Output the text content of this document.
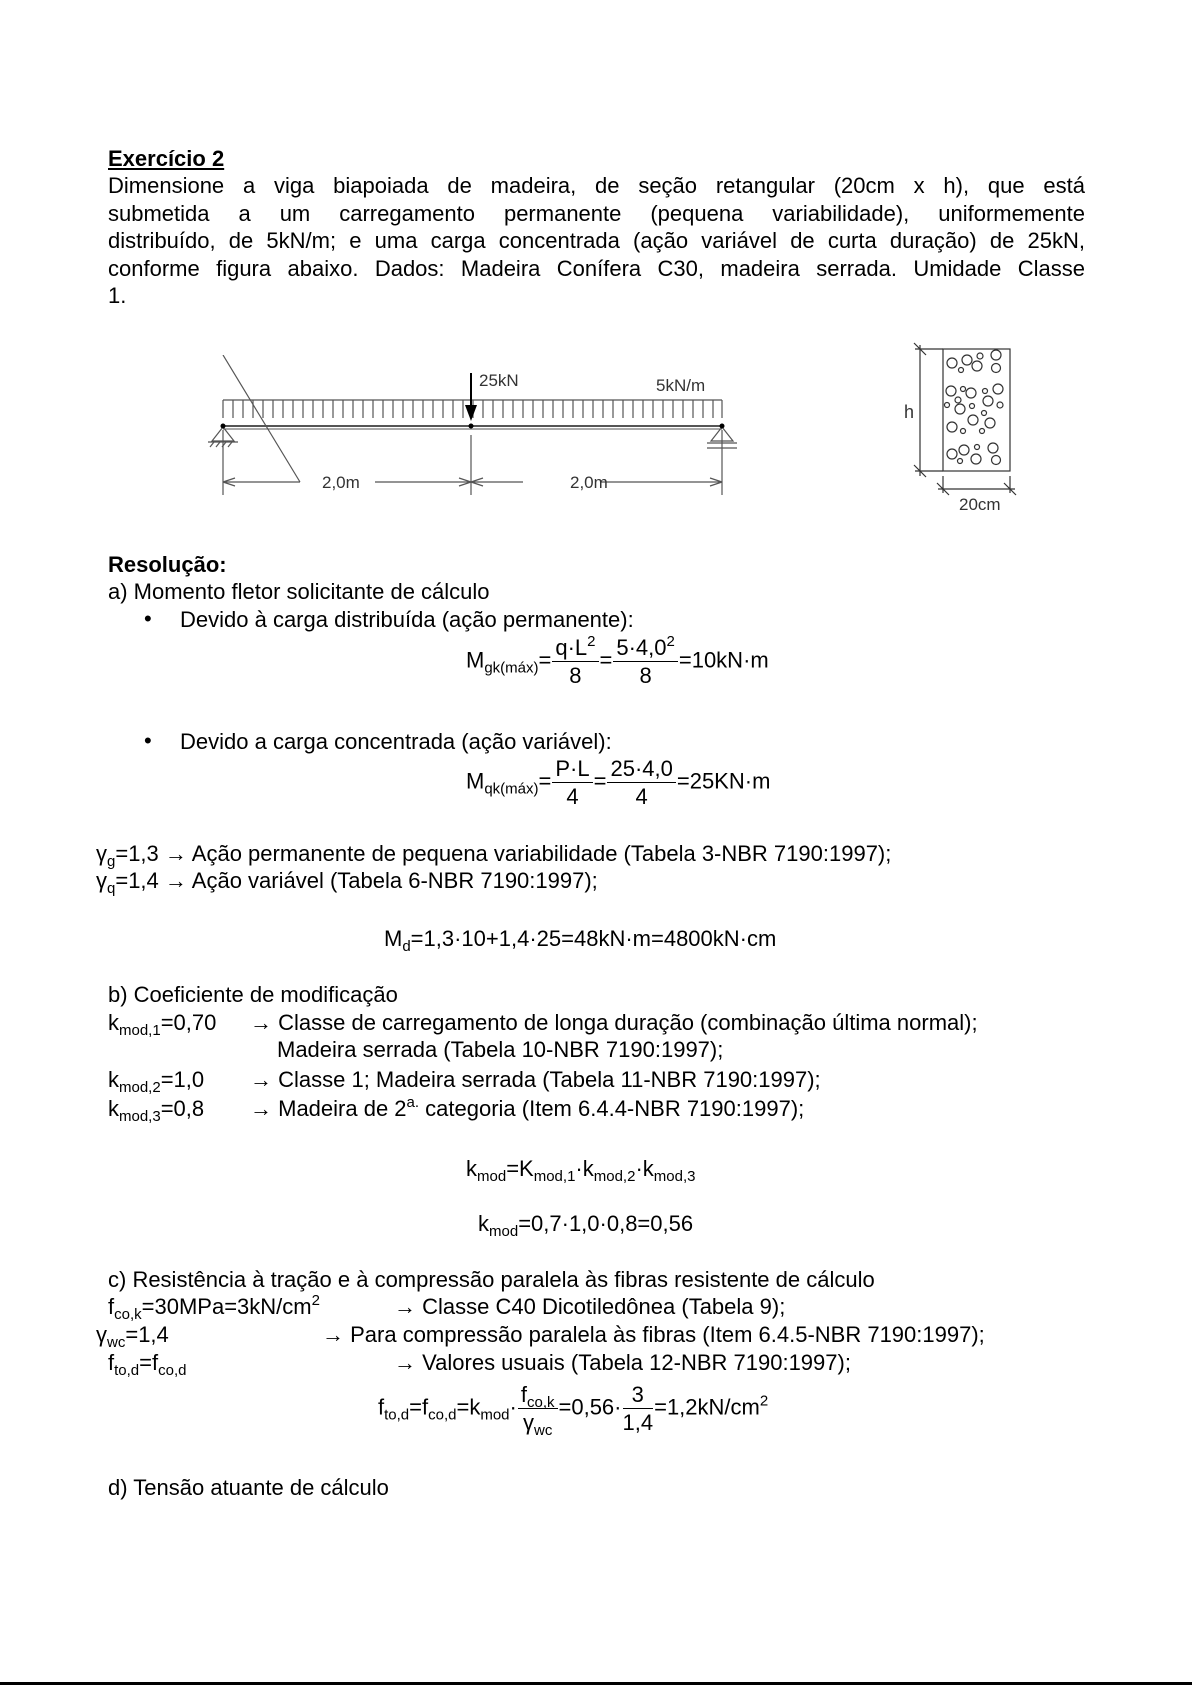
Exercício 2
Dimensione a viga biapoiada de madeira, de seção retangular (20cm x h), que está
submetida a um carregamento permanente (pequena variabilidade), uniformemente
distribuído, de 5kN/m; e uma carga concentrada (ação variável de curta duração) de 25kN,
conforme figura abaixo. Dados: Madeira Conífera C30, madeira serrada. Umidade Classe
1.
25kN	5kN/m
2,0m	2,0m
h
20cm
Resolução:
a) Momento fletor solicitante de cálculo
• Devido à carga distribuída (ação permanente):
$M_{gk(máx)}= \frac{q\cdot L^2}{8} = \frac{5\cdot 4,0^2}{8} =10kN\cdot m$
• Devido a carga concentrada (ação variável):
$M_{qk(máx)}= \frac{P\cdot L}{4} = \frac{25\cdot 4,0}{4} =25KN\cdot m$
$\gamma_g=1,3$ → Ação permanente de pequena variabilidade (Tabela 3-NBR 7190:1997);
$\gamma_q=1,4$ → Ação variável (Tabela 6-NBR 7190:1997);
$M_d=1,3\cdot 10+1,4\cdot 25=48kN\cdot m=4800kN\cdot cm$
b) Coeficiente de modificação
$k_{mod,1}=0,70$ → Classe de carregamento de longa duração (combinação última normal);
Madeira serrada (Tabela 10-NBR 7190:1997);
$k_{mod,2}=1,0$ → Classe 1; Madeira serrada (Tabela 11-NBR 7190:1997);
$k_{mod,3}=0,8$ → Madeira de $2^{a.}$ categoria (Item 6.4.4-NBR 7190:1997);
$k_{mod}=K_{mod,1}\cdot k_{mod,2}\cdot k_{mod,3}$
$k_{mod}=0,7\cdot 1,0\cdot 0,8=0,56$
c) Resistência à tração e à compressão paralela às fibras resistente de cálculo
$f_{co,k}=30MPa=3kN/cm^2$	→ Classe C40 Dicotiledônea (Tabela 9);
$\gamma_{wc}=1,4$	→ Para compressão paralela às fibras (Item 6.4.5-NBR 7190:1997);
$f_{to,d}=f_{co,d}$	→ Valores usuais (Tabela 12-NBR 7190:1997);
$f_{to,d}=f_{co,d}=k_{mod}\cdot \frac{f_{co,k}}{\gamma_{wc}} =0,56\cdot \frac{3}{1,4} =1,2kN/cm^2$
d) Tensão atuante de cálculo
